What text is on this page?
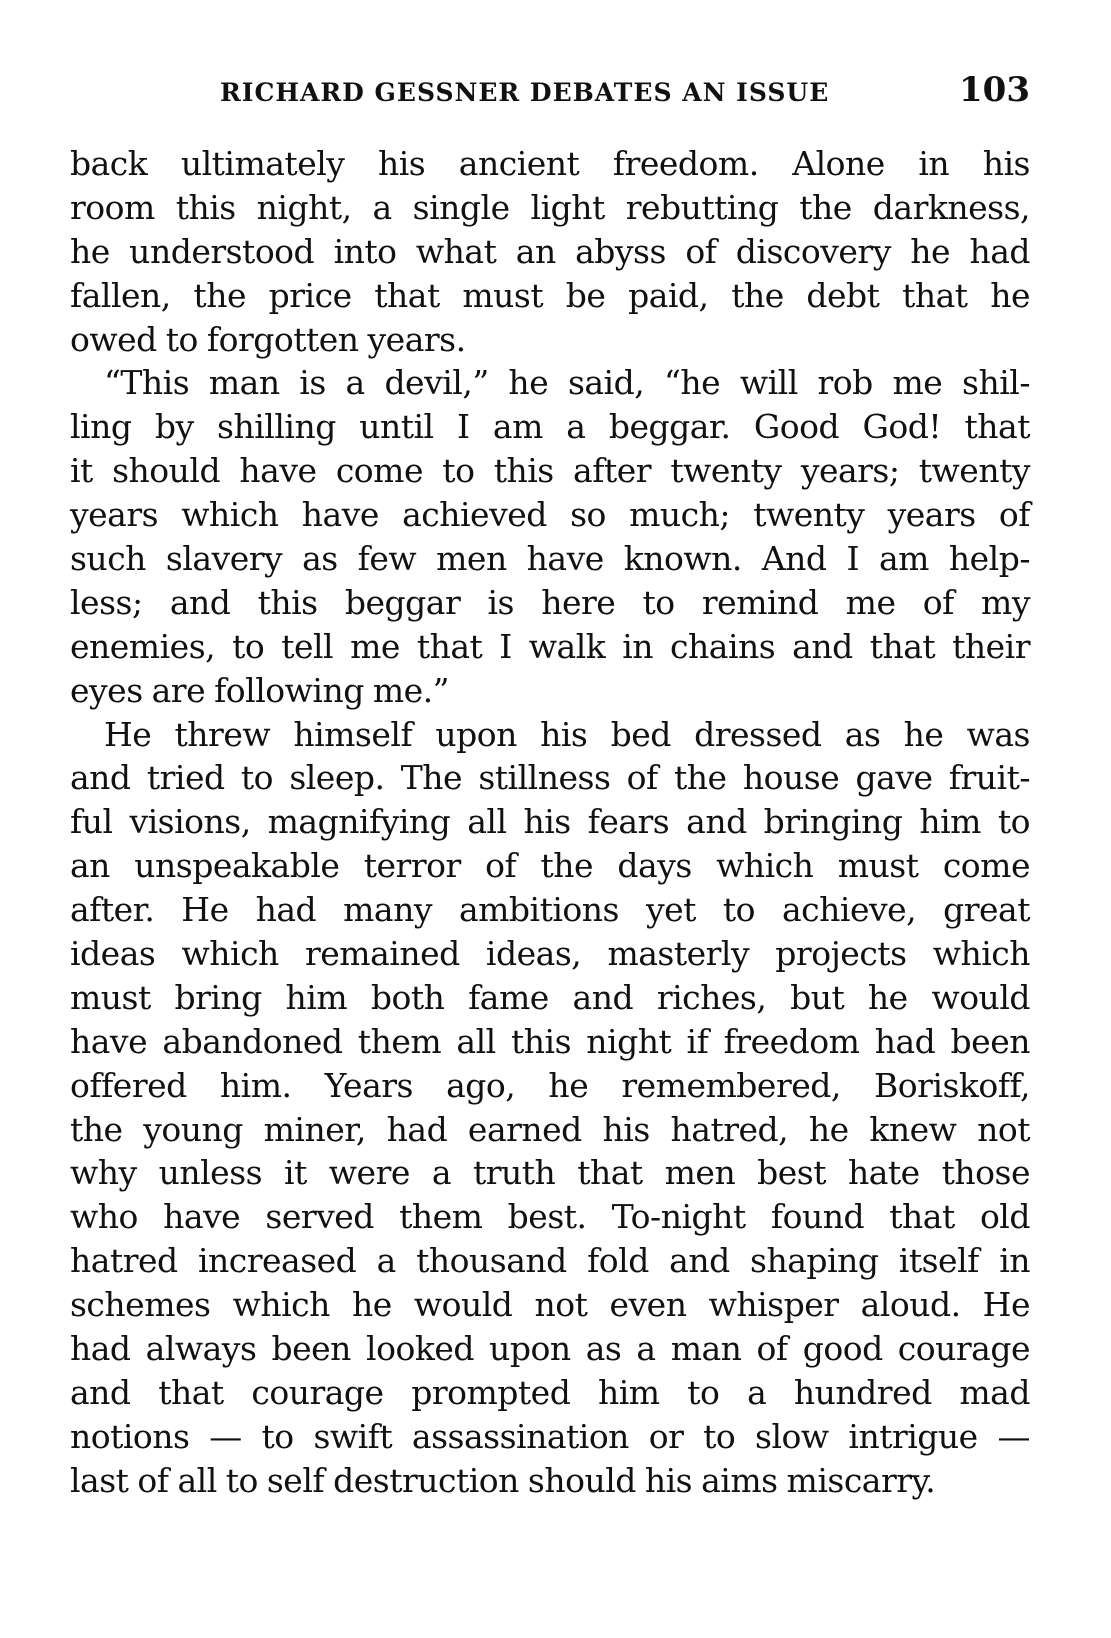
RICHARD GESSNER DEBATES AN ISSUE	103
back ultimately his ancient freedom. Alone in his
room this night, a single light rebutting the darkness,
he understood into what an abyss of discovery he had
fallen, the price that must be paid, the debt that he
owed to forgotten years.
“This man is a devil,” he said, “he will rob me shil-
ling by shilling until I am a beggar. Good God! that
it should have come to this after twenty years; twenty
years which have achieved so much; twenty years of
such slavery as few men have known. And I am help-
less; and this beggar is here to remind me of my
enemies, to tell me that I walk in chains and that their
eyes are following me.”
He threw himself upon his bed dressed as he was
and tried to sleep. The stillness of the house gave fruit-
ful visions, magnifying all his fears and bringing him to
an unspeakable terror of the days which must come
after. He had many ambitions yet to achieve, great
ideas which remained ideas, masterly projects which
must bring him both fame and riches, but he would
have abandoned them all this night if freedom had been
offered him. Years ago, he remembered, Boriskoff,
the young miner, had earned his hatred, he knew not
why unless it were a truth that men best hate those
who have served them best. To-night found that old
hatred increased a thousand fold and shaping itself in
schemes which he would not even whisper aloud. He
had always been looked upon as a man of good courage
and that courage prompted him to a hundred mad
notions — to swift assassination or to slow intrigue —
last of all to self destruction should his aims miscarry.
